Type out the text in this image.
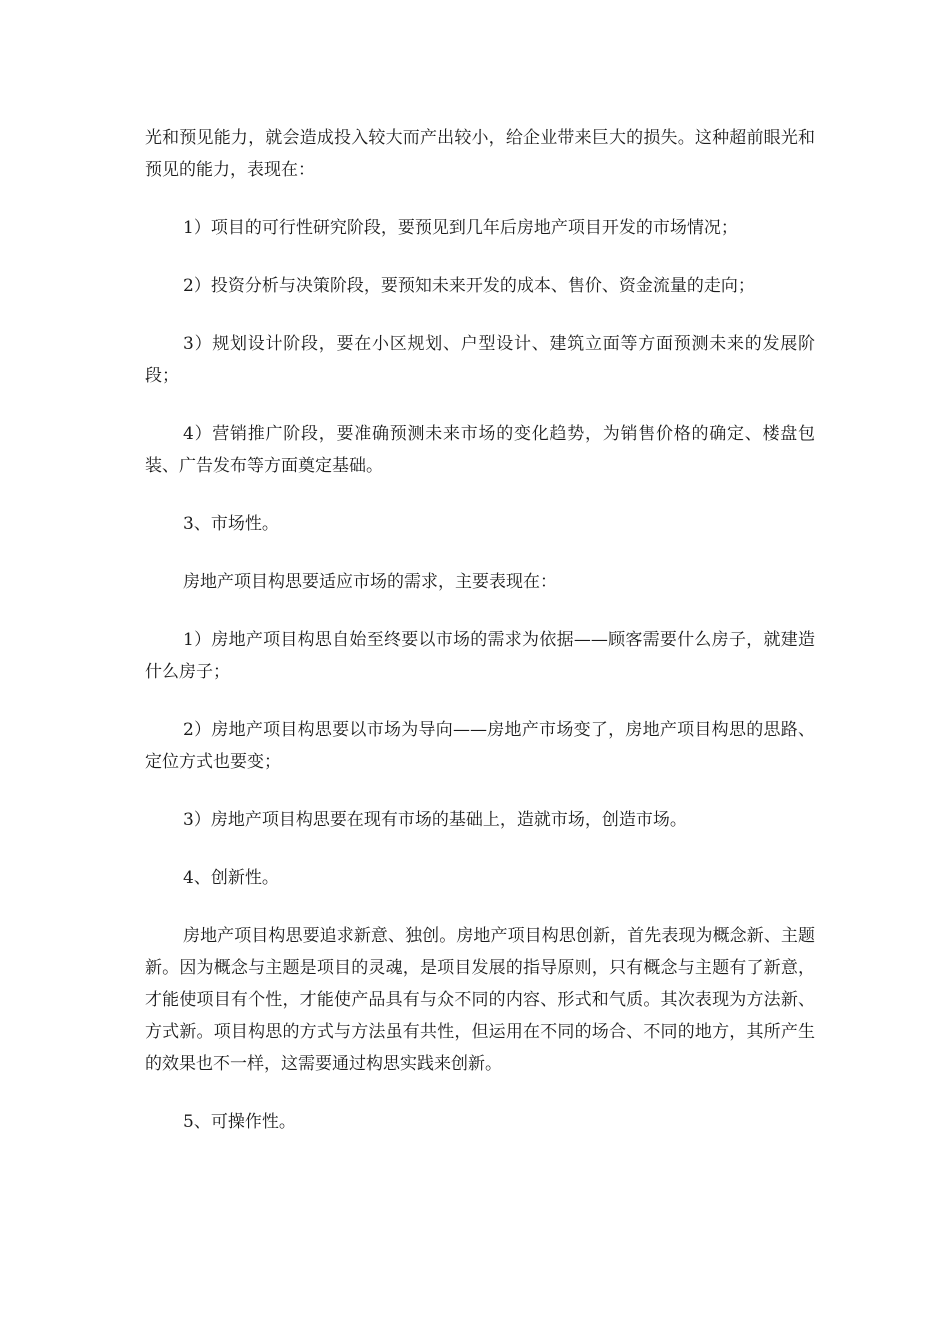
光和预见能力，就会造成投入较大而产出较小，给企业带来巨大的损失。这种超前眼光和预见的能力，表现在：

1）项目的可行性研究阶段，要预见到几年后房地产项目开发的市场情况；

2）投资分析与决策阶段，要预知未来开发的成本、售价、资金流量的走向；

3）规划设计阶段，要在小区规划、户型设计、建筑立面等方面预测未来的发展阶段；

4）营销推广阶段，要准确预测未来市场的变化趋势，为销售价格的确定、楼盘包装、广告发布等方面奠定基础。

3、市场性。

房地产项目构思要适应市场的需求，主要表现在：

1）房地产项目构思自始至终要以市场的需求为依据——顾客需要什么房子，就建造什么房子；

2）房地产项目构思要以市场为导向——房地产市场变了，房地产项目构思的思路、定位方式也要变；

3）房地产项目构思要在现有市场的基础上，造就市场，创造市场。

4、创新性。

房地产项目构思要追求新意、独创。房地产项目构思创新，首先表现为概念新、主题新。因为概念与主题是项目的灵魂，是项目发展的指导原则，只有概念与主题有了新意，才能使项目有个性，才能使产品具有与众不同的内容、形式和气质。其次表现为方法新、方式新。项目构思的方式与方法虽有共性，但运用在不同的场合、不同的地方，其所产生的效果也不一样，这需要通过构思实践来创新。

5、可操作性。
